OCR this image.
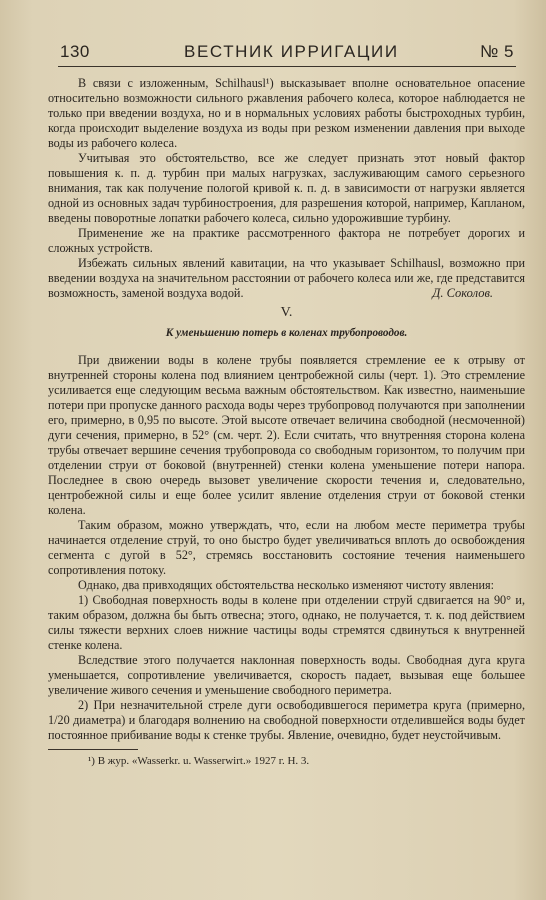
130	ВЕСТНИК ИРРИГАЦИИ	№ 5

В связи с изложенным, Schilhausl¹) высказывает вполне основательное опасение относительно возможности сильного ржавления рабочего колеса, которое наблюдается не только при введении воздуха, но и в нормальных условиях работы быстроходных турбин, когда происходит выделение воздуха из воды при резком изменении давления при выходе воды из рабочего колеса.

Учитывая это обстоятельство, все же следует признать этот новый фактор повышения к. п. д. турбин при малых нагрузках, заслуживающим самого серьезного внимания, так как получение пологой кривой к. п. д. в зависимости от нагрузки является одной из основных задач турбиностроения, для разрешения которой, например, Капланом, введены поворотные лопатки рабочего колеса, сильно удорожившие турбину.

Применение же на практике рассмотренного фактора не потребует дорогих и сложных устройств.

Избежать сильных явлений кавитации, на что указывает Schilhausl, возможно при введении воздуха на значительном расстоянии от рабочего колеса или же, где представится возможность, заменой воздуха водой.	Д. Соколов.
V.
К уменьшению потерь в коленах трубопроводов.

При движении воды в колене трубы появляется стремление ее к отрыву от внутренней стороны колена под влиянием центробежной силы (черт. 1). Это стремление усиливается еще следующим весьма важным обстоятельством. Как известно, наименьшие потери при пропуске данного расхода воды через трубопровод получаются при заполнении его, примерно, в 0,95 по высоте. Этой высоте отвечает величина свободной (несмоченной) дуги сечения, примерно, в 52° (см. черт. 2). Если считать, что внутренняя сторона колена трубы отвечает вершине сечения трубопровода со свободным горизонтом, то получим при отделении струи от боковой (внутренней) стенки колена уменьшение потери напора. Последнее в свою очередь вызовет увеличение скорости течения и, следовательно, центробежной силы и еще более усилит явление отделения струи от боковой стенки колена.

Таким образом, можно утверждать, что, если на любом месте периметра трубы начинается отделение струй, то оно быстро будет увеличиваться вплоть до освобождения сегмента с дугой в 52°, стремясь восстановить состояние течения наименьшего сопротивления потоку.

Однако, два привходящих обстоятельства несколько изменяют чистоту явления:

1) Свободная поверхность воды в колене при отделении струй сдвигается на 90° и, таким образом, должна бы быть отвесна; этого, однако, не получается, т. к. под действием силы тяжести верхних слоев нижние частицы воды стремятся сдвинуться к внутренней стенке колена.

Вследствие этого получается наклонная поверхность воды. Свободная дуга круга уменьшается, сопротивление увеличивается, скорость падает, вызывая еще большее увеличение живого сечения и уменьшение свободного периметра.

2) При незначительной стреле дуги освободившегося периметра круга (примерно, 1/20 диаметра) и благодаря волнению на свободной поверхности отделившейся воды будет постоянное прибивание воды к стенке трубы. Явление, очевидно, будет неустойчивым.

¹) В жур. «Wasserkr. u. Wasserwirt.» 1927 г. Н. 3.
